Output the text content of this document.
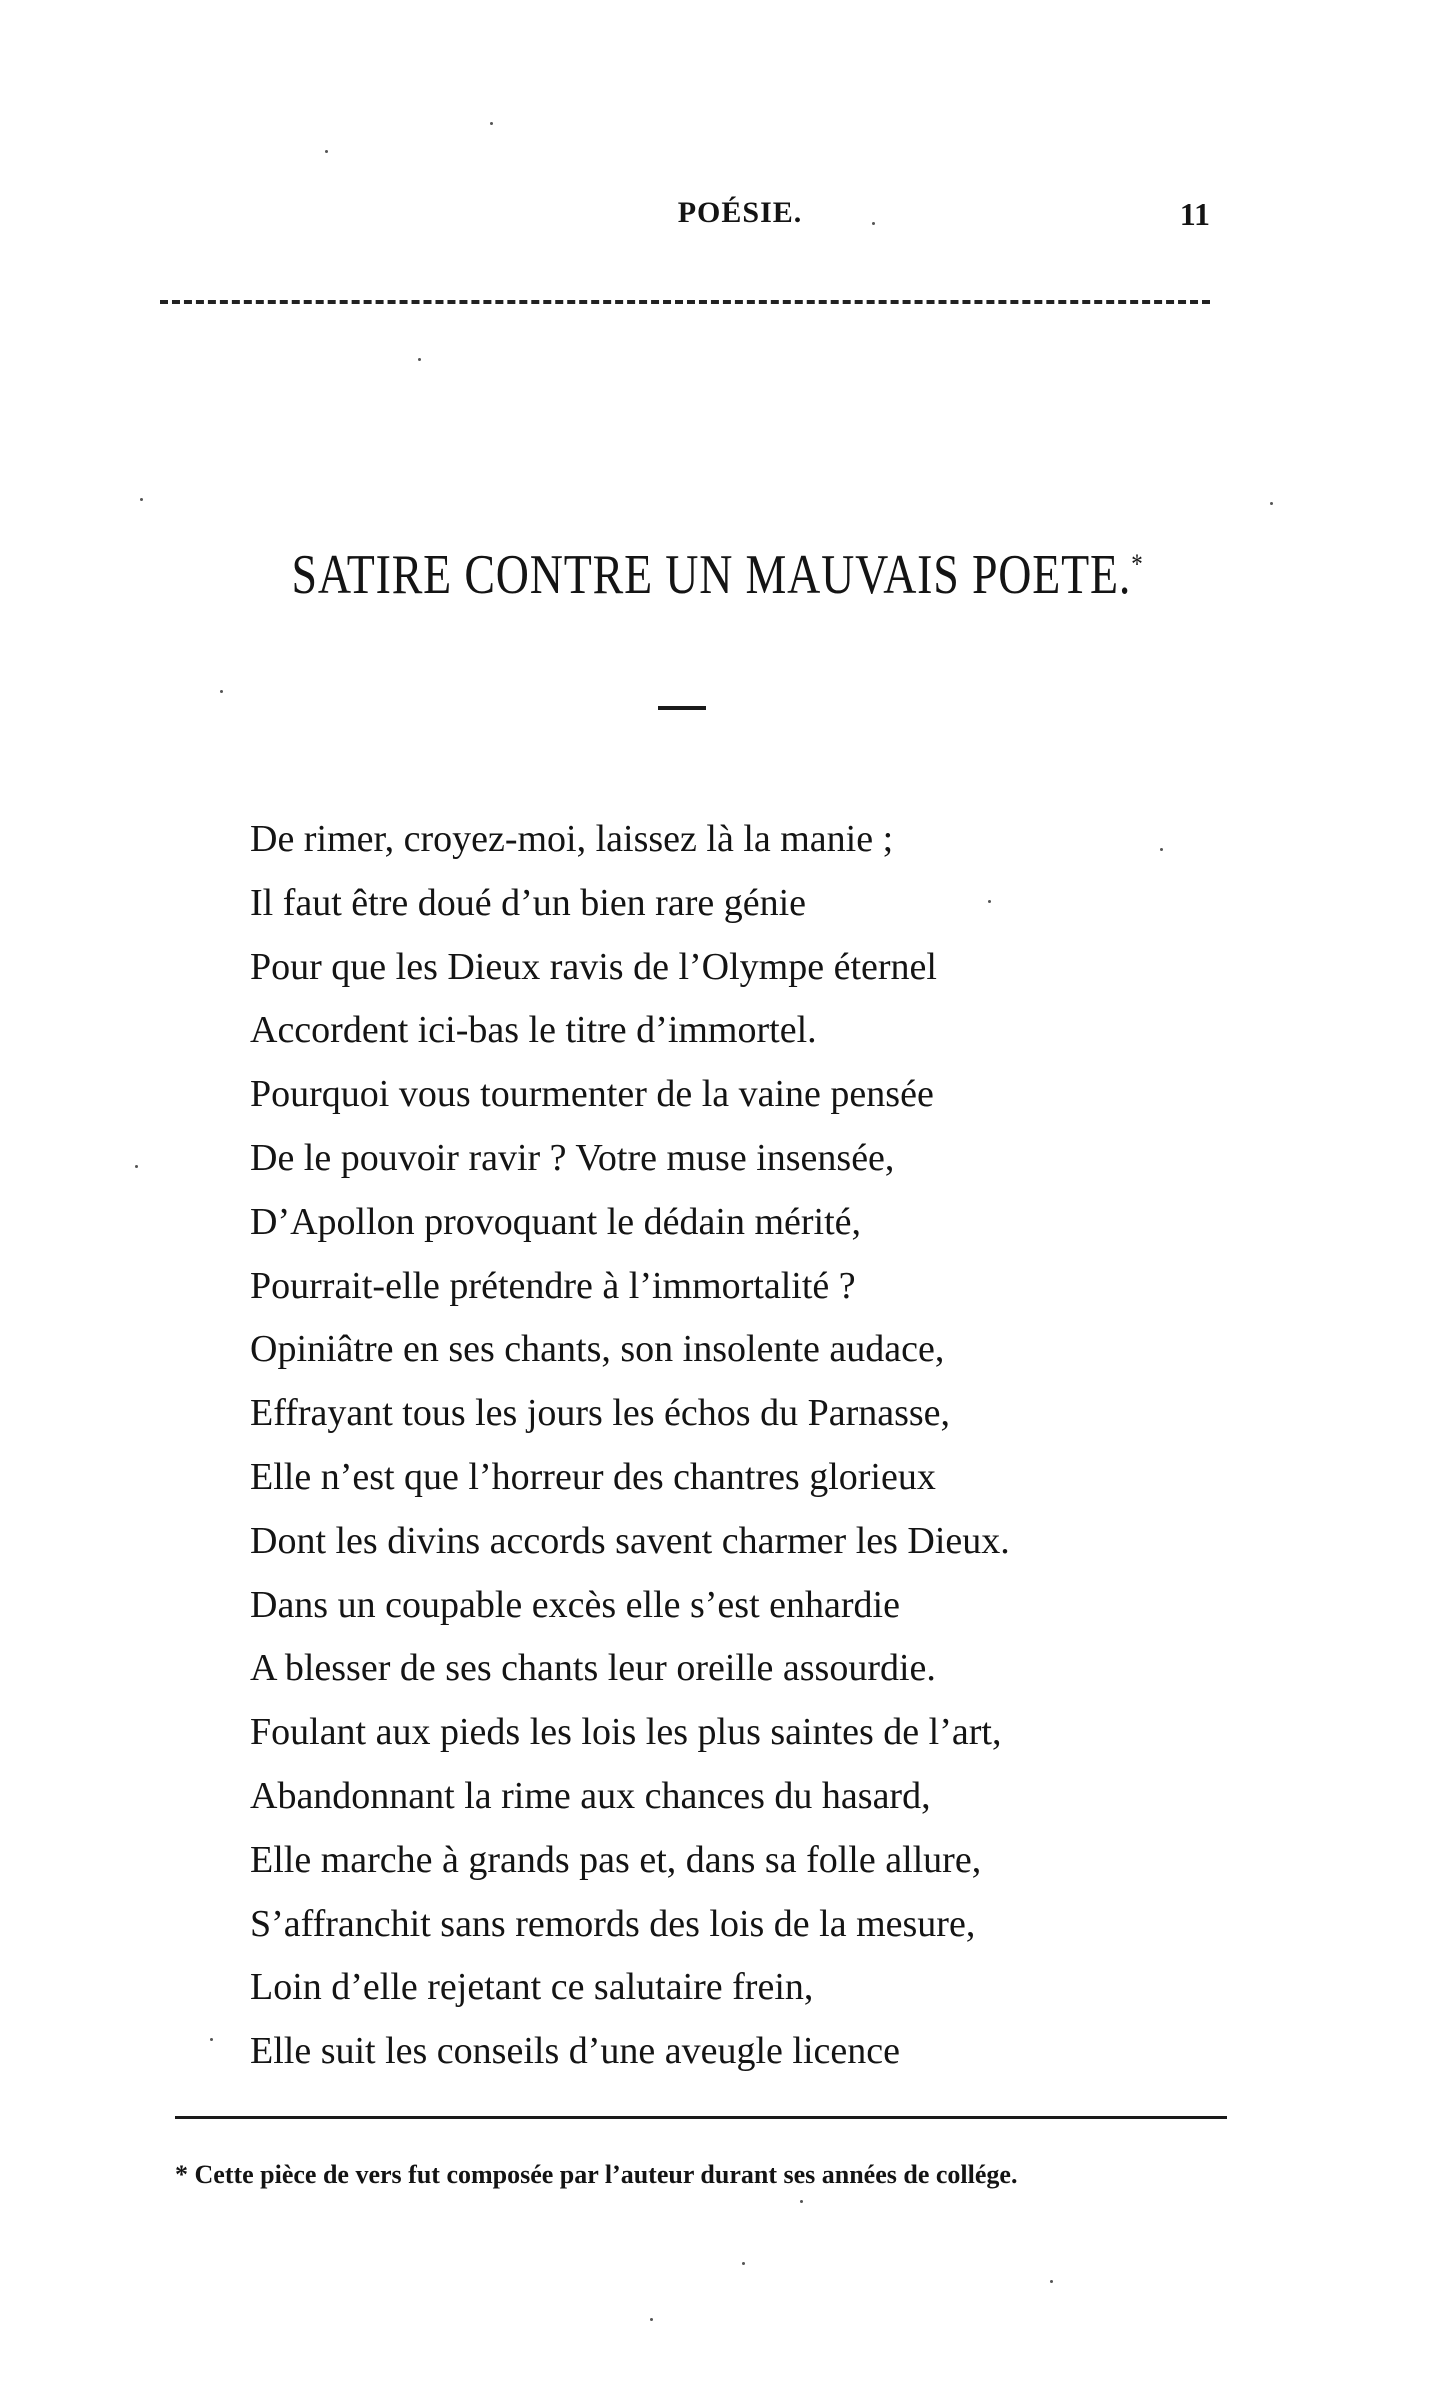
POÉSIE.	11
SATIRE CONTRE UN MAUVAIS POETE.*
De rimer, croyez-moi, laissez là la manie ;
Il faut être doué d’un bien rare génie
Pour que les Dieux ravis de l’Olympe éternel
Accordent ici-bas le titre d’immortel.
Pourquoi vous tourmenter de la vaine pensée
De le pouvoir ravir ? Votre muse insensée,
D’Apollon provoquant le dédain mérité,
Pourrait-elle prétendre à l’immortalité ?
Opiniâtre en ses chants, son insolente audace,
Effrayant tous les jours les échos du Parnasse,
Elle n’est que l’horreur des chantres glorieux
Dont les divins accords savent charmer les Dieux.
Dans un coupable excès elle s’est enhardie
A blesser de ses chants leur oreille assourdie.
Foulant aux pieds les lois les plus saintes de l’art,
Abandonnant la rime aux chances du hasard,
Elle marche à grands pas et, dans sa folle allure,
S’affranchit sans remords des lois de la mesure,
Loin d’elle rejetant ce salutaire frein,
Elle suit les conseils d’une aveugle licence

* Cette pièce de vers fut composée par l’auteur durant ses années de collége.
